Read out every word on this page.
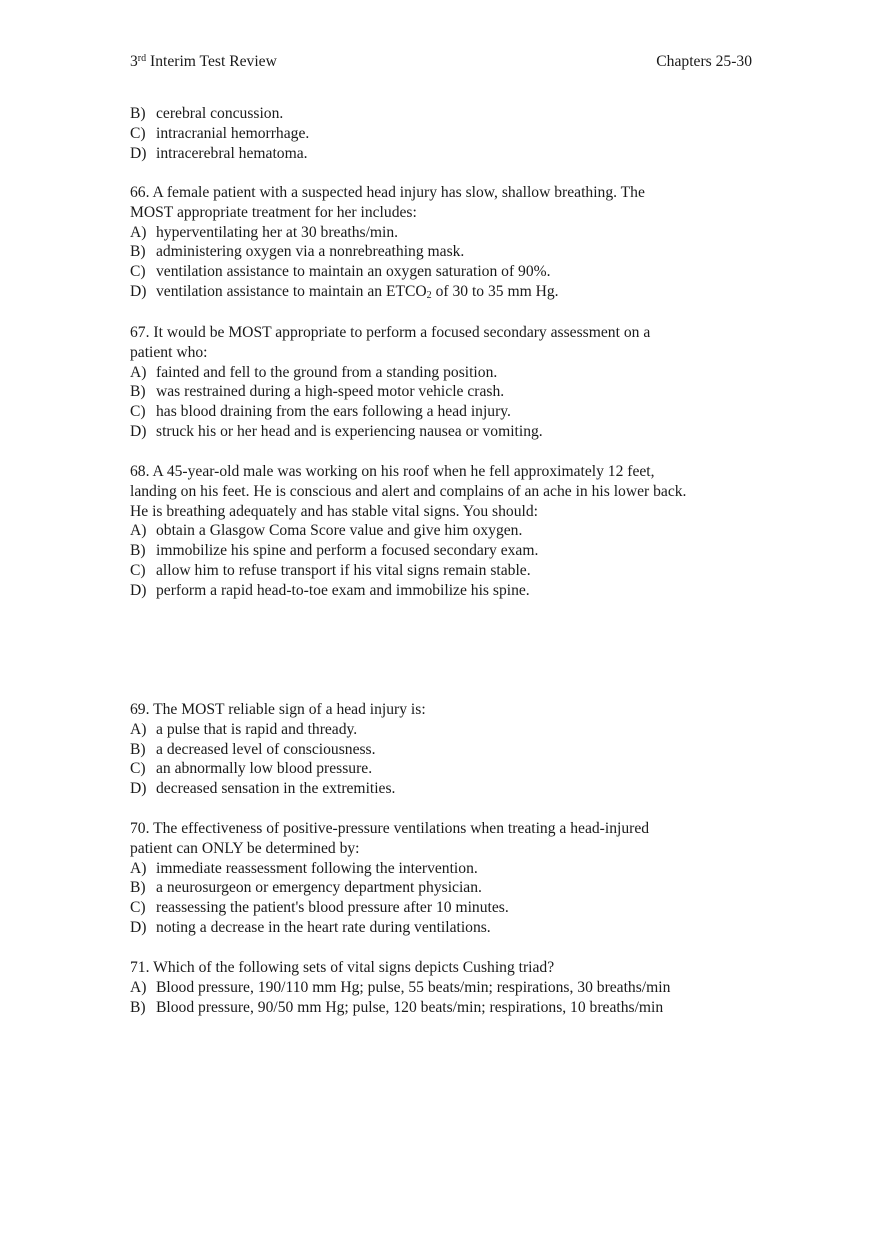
3rd Interim Test Review	Chapters 25-30
B) cerebral concussion.
C) intracranial hemorrhage.
D) intracerebral hematoma.
66. A female patient with a suspected head injury has slow, shallow breathing. The
MOST appropriate treatment for her includes:
A) hyperventilating her at 30 breaths/min.
B) administering oxygen via a nonrebreathing mask.
C) ventilation assistance to maintain an oxygen saturation of 90%.
D) ventilation assistance to maintain an $ETCO_2$ of 30 to 35 mm Hg.
67. It would be MOST appropriate to perform a focused secondary assessment on a
patient who:
A) fainted and fell to the ground from a standing position.
B) was restrained during a high-speed motor vehicle crash.
C) has blood draining from the ears following a head injury.
D) struck his or her head and is experiencing nausea or vomiting.
68. A 45-year-old male was working on his roof when he fell approximately 12 feet,
landing on his feet. He is conscious and alert and complains of an ache in his lower back.
He is breathing adequately and has stable vital signs. You should:
A) obtain a Glasgow Coma Score value and give him oxygen.
B) immobilize his spine and perform a focused secondary exam.
C) allow him to refuse transport if his vital signs remain stable.
D) perform a rapid head-to-toe exam and immobilize his spine.
69. The MOST reliable sign of a head injury is:
A) a pulse that is rapid and thready.
B) a decreased level of consciousness.
C) an abnormally low blood pressure.
D) decreased sensation in the extremities.
70. The effectiveness of positive-pressure ventilations when treating a head-injured
patient can ONLY be determined by:
A) immediate reassessment following the intervention.
B) a neurosurgeon or emergency department physician.
C) reassessing the patient's blood pressure after 10 minutes.
D) noting a decrease in the heart rate during ventilations.
71. Which of the following sets of vital signs depicts Cushing triad?
A) Blood pressure, 190/110 mm Hg; pulse, 55 beats/min; respirations, 30 breaths/min
B) Blood pressure, 90/50 mm Hg; pulse, 120 beats/min; respirations, 10 breaths/min
